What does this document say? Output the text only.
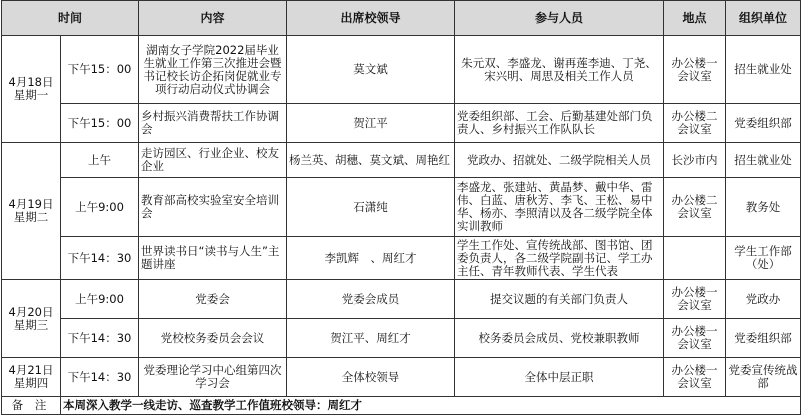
时间		内容	出席校领导	参与人员	地点	组织单位

4月18日
星期一	下午15：00	湖南女子学院2022届毕业生就业工作第三次推进会暨书记校长访企拓岗促就业专项行动启动仪式协调会	莫文斌	朱元双、李盛龙、谢再莲李迪、丁尧、宋兴明、周思及相关工作人员	办公楼一会议室	招生就业处
	下午15：00	乡村振兴消费帮扶工作协调会	贺江平	党委组织部、工会、后勤基建处部门负责人、乡村振兴工作队队长	办公楼二会议室	党委组织部

4月19日
星期二	上午	走访园区、行业企业、校友企业	杨兰英、胡穗、莫文斌、周艳红	党政办、招就处、二级学院相关人员	长沙市内	招生就业处
	上午9:00	教育部高校实验室安全培训会	石潇纯	李盛龙、张建站、黄晶梦、戴中华、雷伟、白蓝、唐秋芳、李飞、王松、易中华、杨亦、李照清以及各二级学院全体实训教师	办公楼二会议室	教务处
	下午14：30	世界读书日“读书与人生”主题讲座	李凯辉　、周红才	学生工作处、宣传统战部、图书馆、团委负责人，各二级学院副书记、学工办主任、青年教师代表、学生代表		学生工作部（处）

4月20日
星期三	上午9:00	党委会	党委会成员	提交议题的有关部门负责人	办公楼一会议室	党政办
	下午14：30	党校校务委员会会议	贺江平、周红才	校务委员会成员、党校兼职教师	办公楼一会议室	党委组织部

4月21日
星期四	下午14：30	党委理论学习中心组第四次学习会	全体校领导	全体中层正职	办公楼一会议室	党委宣传统战部
备 注	本周深入教学一线走访、巡查教学工作值班校领导：周红才					
